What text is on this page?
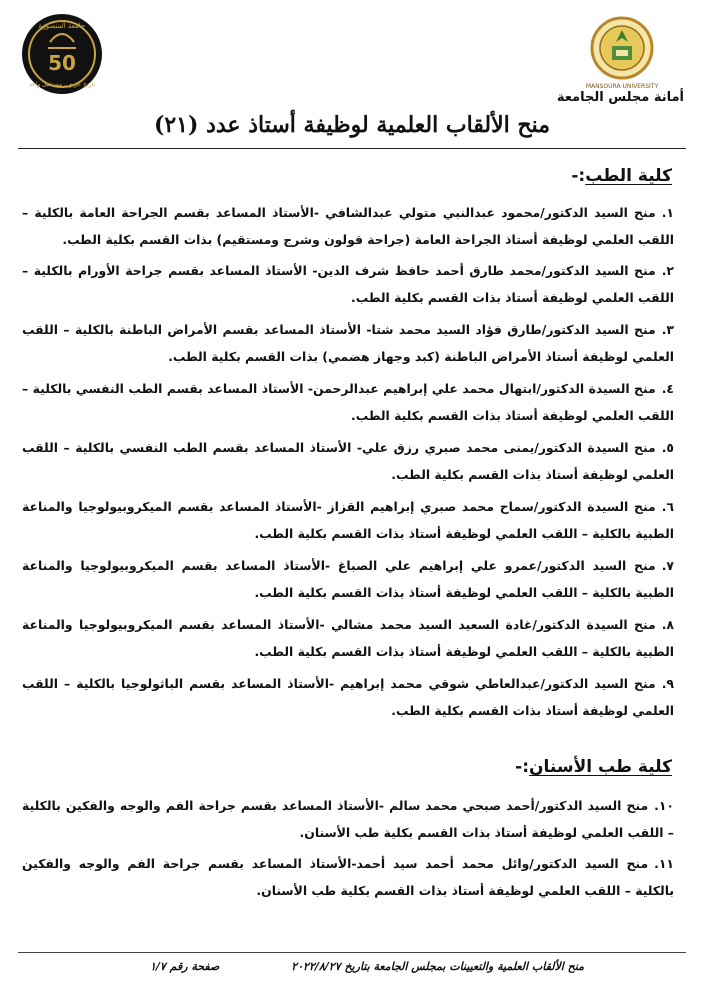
MANSOURA UNIVERSITY
أمانة مجلس الجامعة
جامعة المنصورة
50
تاريخ عريق.. مستقبل واعد
منح الألقاب العلمية لوظيفة أستاذ عدد (٢١)
كلية الطب:-
١.منح السيد الدكتور/محمود عبدالنبي متولي عبدالشافي -الأستاذ المساعد بقسم الجراحة العامة بالكلية – اللقب العلمي لوظيفة أستاذ الجراحة العامة (جراحة قولون وشرج ومستقيم) بذات القسم بكلية الطب.
٢.منح السيد الدكتور/محمد طارق أحمد حافظ شرف الدين- الأستاذ المساعد بقسم جراحة الأورام بالكلية – اللقب العلمي لوظيفة أستاذ بذات القسم بكلية الطب.
٣.منح السيد الدكتور/طارق فؤاد السيد محمد شتا- الأستاذ المساعد بقسم الأمراض الباطنة بالكلية – اللقب العلمي لوظيفة أستاذ الأمراض الباطنة (كبد وجهاز هضمي) بذات القسم بكلية الطب.
٤.منح السيدة الدكتور/ابتهال محمد علي إبراهيم عبدالرحمن- الأستاذ المساعد بقسم الطب النفسي بالكلية – اللقب العلمي لوظيفة أستاذ بذات القسم بكلية الطب.
٥.منح السيدة الدكتور/يمنى محمد صبري رزق علي- الأستاذ المساعد بقسم الطب النفسي بالكلية – اللقب العلمي لوظيفة أستاذ بذات القسم بكلية الطب.
٦.منح السيدة الدكتور/سماح محمد صبري إبراهيم القزاز -الأستاذ المساعد بقسم الميكروبيولوجيا والمناعة الطبية بالكلية – اللقب العلمي لوظيفة أستاذ بذات القسم بكلية الطب.
٧.منح السيد الدكتور/عمرو علي إبراهيم علي الصباغ -الأستاذ المساعد بقسم الميكروبيولوجيا والمناعة الطبية بالكلية – اللقب العلمي لوظيفة أستاذ بذات القسم بكلية الطب.
٨.منح السيدة الدكتور/غادة السعيد السيد محمد مشالي -الأستاذ المساعد بقسم الميكروبيولوجيا والمناعة الطبية بالكلية – اللقب العلمي لوظيفة أستاذ بذات القسم بكلية الطب.
٩.منح السيد الدكتور/عبدالعاطي شوقي محمد إبراهيم -الأستاذ المساعد بقسم الباثولوجيا بالكلية – اللقب العلمي لوظيفة أستاذ بذات القسم بكلية الطب.
كلية طب الأسنان:-
١٠.منح السيد الدكتور/أحمد صبحي محمد سالم -الأستاذ المساعد بقسم جراحة الفم والوجه والفكين بالكلية – اللقب العلمي لوظيفة أستاذ بذات القسم بكلية طب الأسنان.
١١.منح السيد الدكتور/وائل محمد أحمد سيد أحمد-الأستاذ المساعد بقسم جراحة الفم والوجه والفكين بالكلية – اللقب العلمي لوظيفة أستاذ بذات القسم بكلية طب الأسنان.
منح الألقاب العلمية والتعيينات بمجلس الجامعة بتاريخ ٢٠٢٢/٨/٢٧
صفحة رقم ١/٧
